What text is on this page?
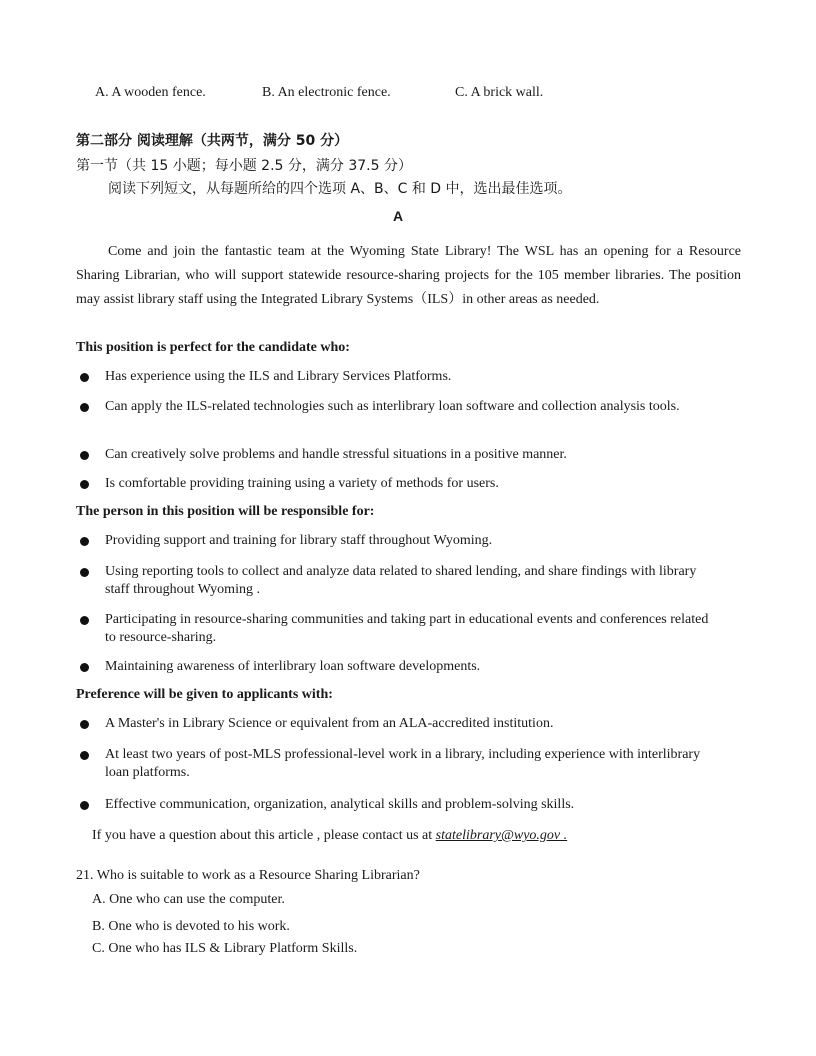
A. A wooden fence.	B. An electronic fence.	C. A brick wall.
第二部分 阅读理解（共两节，满分 50 分）
第一节（共 15 小题；每小题 2.5 分，满分 37.5 分）
阅读下列短文，从每题所给的四个选项 A、B、C 和 D 中，选出最佳选项。
A
Come and join the fantastic team at the Wyoming State Library! The WSL has an opening for a Resource Sharing Librarian, who will support statewide resource-sharing projects for the 105 member libraries. The position may assist library staff using the Integrated Library Systems（ILS）in other areas as needed.
This position is perfect for the candidate who:
Has experience using the ILS and Library Services Platforms.
Can apply the ILS-related technologies such as interlibrary loan software and collection analysis tools.
Can creatively solve problems and handle stressful situations in a positive manner.
Is comfortable providing training using a variety of methods for users.
The person in this position will be responsible for:
Providing support and training for library staff throughout Wyoming.
Using reporting tools to collect and analyze data related to shared lending, and share findings with library staff throughout Wyoming .
Participating in resource-sharing communities and taking part in educational events and conferences related to resource-sharing.
Maintaining awareness of interlibrary loan software developments.
Preference will be given to applicants with:
A Master's in Library Science or equivalent from an ALA-accredited institution.
At least two years of post-MLS professional-level work in a library, including experience with interlibrary loan platforms.
Effective communication, organization, analytical skills and problem-solving skills.
If you have a question about this article , please contact us at statelibrary@wyo.gov .
21. Who is suitable to work as a Resource Sharing Librarian?
A. One who can use the computer.
B. One who is devoted to his work.
C. One who has ILS & Library Platform Skills.
